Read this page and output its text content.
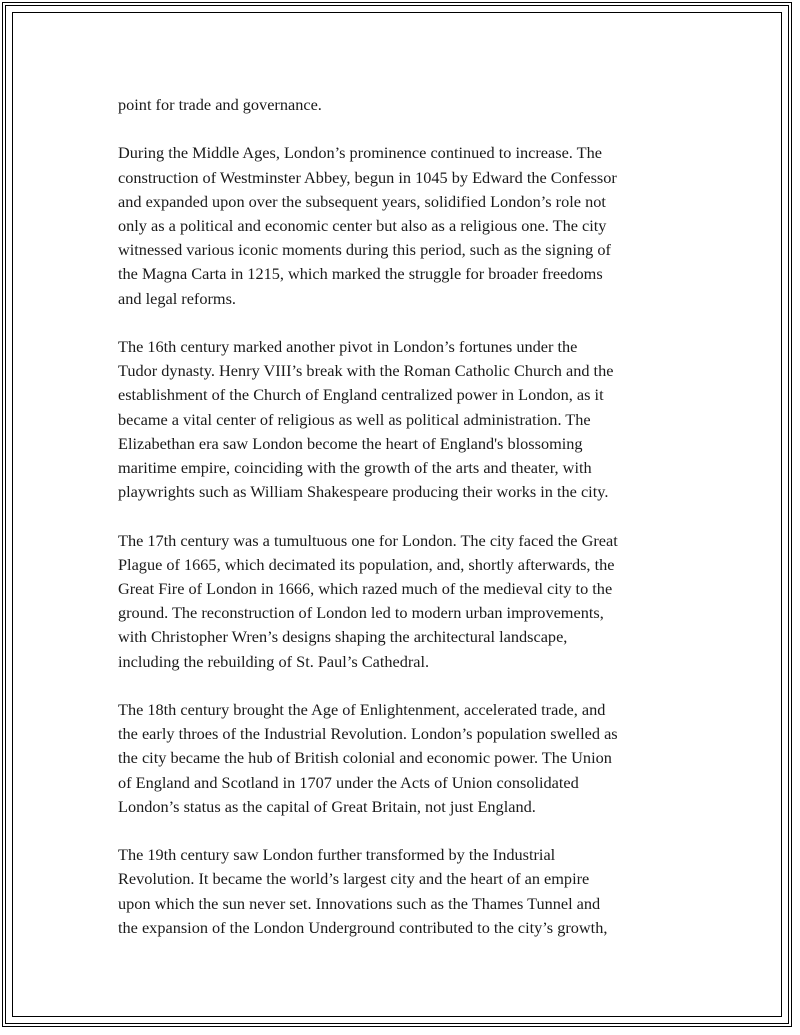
point for trade and governance.

During the Middle Ages, London’s prominence continued to increase. The
construction of Westminster Abbey, begun in 1045 by Edward the Confessor
and expanded upon over the subsequent years, solidified London’s role not
only as a political and economic center but also as a religious one. The city
witnessed various iconic moments during this period, such as the signing of
the Magna Carta in 1215, which marked the struggle for broader freedoms
and legal reforms.

The 16th century marked another pivot in London’s fortunes under the
Tudor dynasty. Henry VIII’s break with the Roman Catholic Church and the
establishment of the Church of England centralized power in London, as it
became a vital center of religious as well as political administration. The
Elizabethan era saw London become the heart of England's blossoming
maritime empire, coinciding with the growth of the arts and theater, with
playwrights such as William Shakespeare producing their works in the city.

The 17th century was a tumultuous one for London. The city faced the Great
Plague of 1665, which decimated its population, and, shortly afterwards, the
Great Fire of London in 1666, which razed much of the medieval city to the
ground. The reconstruction of London led to modern urban improvements,
with Christopher Wren’s designs shaping the architectural landscape,
including the rebuilding of St. Paul’s Cathedral.

The 18th century brought the Age of Enlightenment, accelerated trade, and
the early throes of the Industrial Revolution. London’s population swelled as
the city became the hub of British colonial and economic power. The Union
of England and Scotland in 1707 under the Acts of Union consolidated
London’s status as the capital of Great Britain, not just England.

The 19th century saw London further transformed by the Industrial
Revolution. It became the world’s largest city and the heart of an empire
upon which the sun never set. Innovations such as the Thames Tunnel and
the expansion of the London Underground contributed to the city’s growth,
